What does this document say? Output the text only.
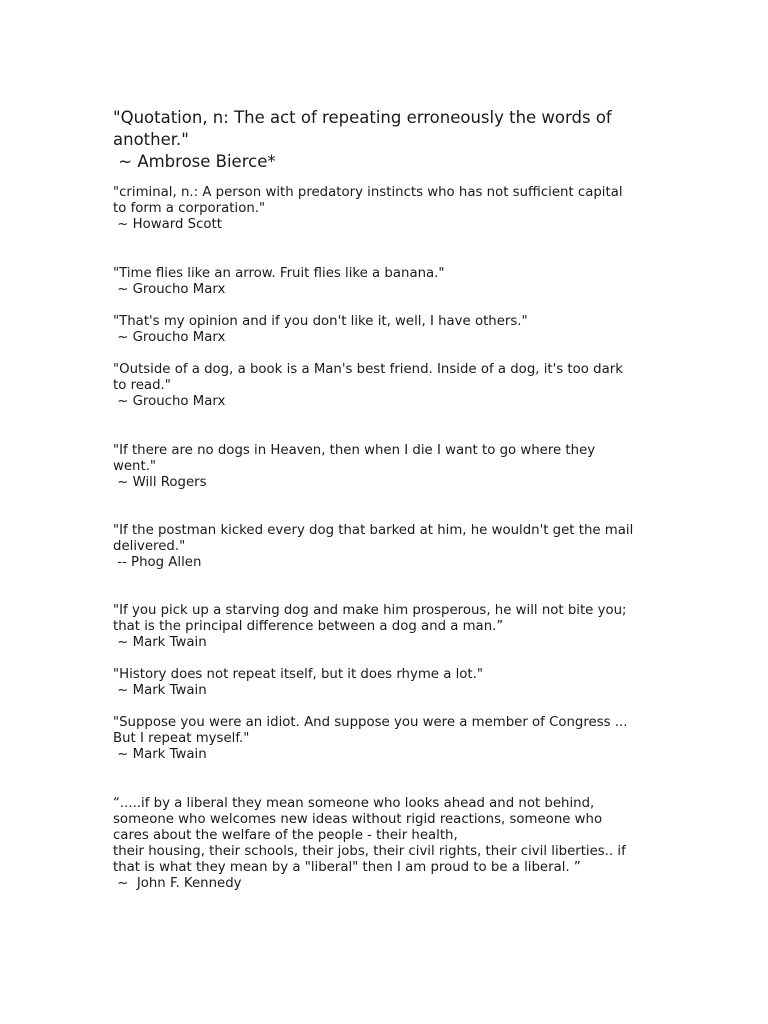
"Quotation, n: The act of repeating erroneously the words of
another."
~ Ambrose Bierce*
"criminal, n.: A person with predatory instincts who has not sufficient capital
to form a corporation."
~ Howard Scott
"Time flies like an arrow. Fruit flies like a banana."
~ Groucho Marx
"That's my opinion and if you don't like it, well, I have others."
~ Groucho Marx
"Outside of a dog, a book is a Man's best friend. Inside of a dog, it's too dark
to read."
~ Groucho Marx
"If there are no dogs in Heaven, then when I die I want to go where they
went."
~ Will Rogers
"If the postman kicked every dog that barked at him, he wouldn't get the mail
delivered."
-- Phog Allen
"If you pick up a starving dog and make him prosperous, he will not bite you;
that is the principal difference between a dog and a man.”
~ Mark Twain
"History does not repeat itself, but it does rhyme a lot."
~ Mark Twain
"Suppose you were an idiot. And suppose you were a member of Congress ...
But I repeat myself."
~ Mark Twain
“.....if by a liberal they mean someone who looks ahead and not behind,
someone who welcomes new ideas without rigid reactions, someone who
cares about the welfare of the people - their health,
their housing, their schools, their jobs, their civil rights, their civil liberties.. if
that is what they mean by a "liberal" then I am proud to be a liberal. ”
~  John F. Kennedy
